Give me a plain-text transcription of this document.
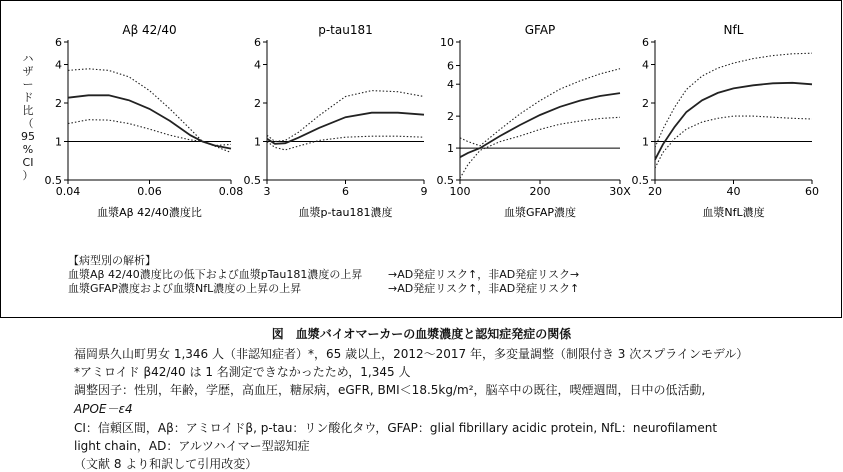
Aβ 42/40
0.5
1
2
4
6
0.04	0.06	0.08
血漿Aβ 42/40濃度比
p-tau181
0.5
1
2
4
6
3	6	9
血漿p-tau181濃度
GFAP
0.5
1
2
4
6
10
100	200	30X
血漿GFAP濃度
NfL
0.5
1
2
4
6
20	40	60
血漿NfL濃度
ハ
ザ
ー
ド
比
（
95
%
CI
）
【病型別の解析】
血漿Aβ 42/40濃度比の低下および血漿pTau181濃度の上昇 →AD発症リスク↑，非AD発症リスク→
血漿GFAP濃度および血漿NfL濃度の上昇の上昇	→AD発症リスク↑，非AD発症リスク↑
図　血漿バイオマーカーの血漿濃度と認知症発症の関係
福岡県久山町男女 1,346 人（非認知症者）*，65 歳以上，2012～2017 年，多変量調整（制限付き 3 次スプラインモデル）
*アミロイド β42/40 は 1 名測定できなかったため，1,345 人
調整因子：性別，年齢，学歴，高血圧，糖尿病，eGFR, BMI＜18.5kg/m²，脳卒中の既往，喫煙週間，日中の低活動,
APOE－ε4
CI：信頼区間，Aβ：アミロイドβ, p-tau：リン酸化タウ，GFAP：glial fibrillary acidic protein, NfL：neurofilament
light chain，AD：アルツハイマー型認知症
（文献 8 より和訳して引用改変）
